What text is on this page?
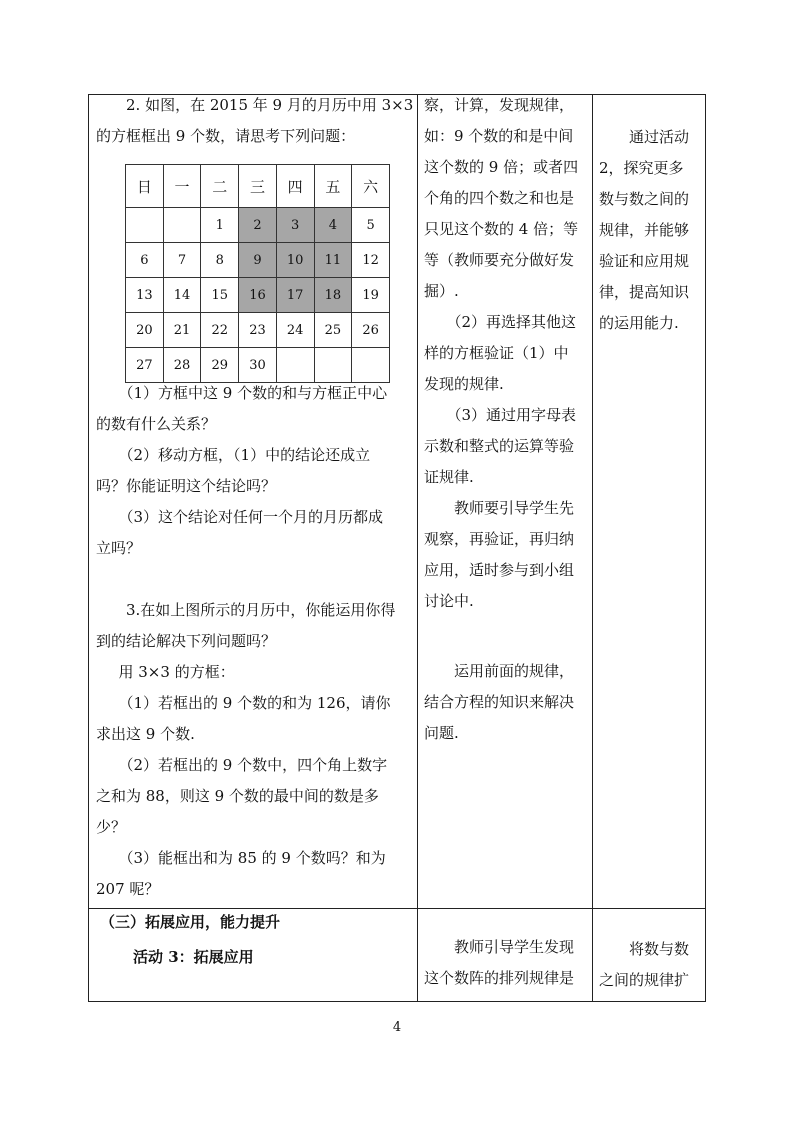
2. 如图，在 2015 年 9 月的月历中用 3×3

的方框框出 9 个数，请思考下列问题：

日	一	二	三	四	五	六
		1	2	3	4	5
6	7	8	9	10	11	12
13	14	15	16	17	18	19
20	21	22	23	24	25	26
27	28	29	30			

（1）方框中这 9 个数的和与方框正中心

的数有什么关系？

（2）移动方框，（1）中的结论还成立

吗？你能证明这个结论吗？

（3）这个结论对任何一个月的月历都成

立吗？

3.在如上图所示的月历中，你能运用你得

到的结论解决下列问题吗？

用 3×3 的方框：

（1）若框出的 9 个数的和为 126，请你

求出这 9 个数.

（2）若框出的 9 个数中，四个角上数字

之和为 88，则这 9 个数的最中间的数是多

少？

（3）能框出和为 85 的 9 个数吗？和为

207 呢？

察，计算，发现规律，

如：9 个数的和是中间

这个数的 9 倍；或者四

个角的四个数之和也是

只见这个数的 4 倍；等

等（教师要充分做好发

掘）.

（2）再选择其他这

样的方框验证（1）中

发现的规律.

（3）通过用字母表

示数和整式的运算等验

证规律.

教师要引导学生先

观察，再验证，再归纳

应用，适时参与到小组

讨论中.

运用前面的规律，

结合方程的知识来解决

问题.

通过活动

2，探究更多

数与数之间的

规律，并能够

验证和应用规

律，提高知识

的运用能力.

（三）拓展应用，能力提升

活动 3：拓展应用

教师引导学生发现

这个数阵的排列规律是

将数与数

之间的规律扩

4
